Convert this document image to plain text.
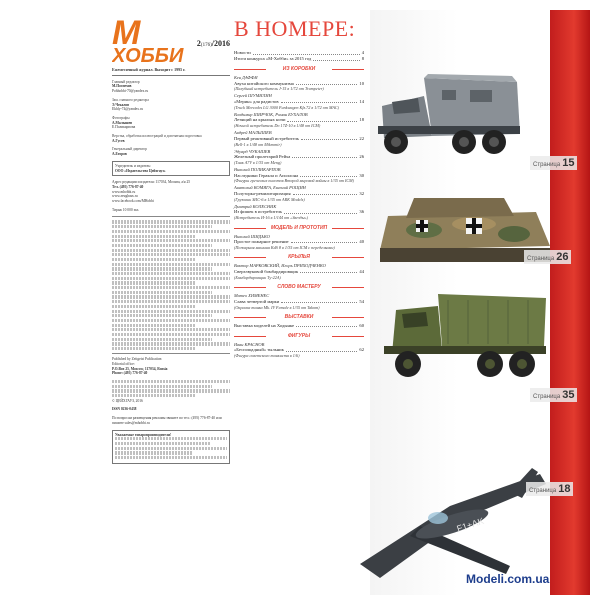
М
ХОББИ
2(176)/2016
Ежемесячный журнал. Выходит с 1995 г.
Главный редактор
М.Поспехов
Pohhobbi-70@yandex.ru
Зам. главного редактора
Э.Чекалов
Ekhly-74@yandex.ru
Фотографы
А.Малышев
Е.Поликарпова
Верстка, обработка иллюстраций и допечатная подготовка
А.Гусев
Генеральный директор
А.Егоров
Учредитель и издатель:
ООО «Издательство Цейхгауз»
Адрес редакции и издателя: 117034, Москва, а/я 25
Тел. (495) 776-87-40
www.mhobbi.ru
www.zeughaus.ru
www.facebook.com/MHobbi
Тираж 10 000 экз.
Published by Zeitgeist Publication
Editorial office:
P.O.Box 25, Moscow, 117034, Russia
Phone: (495) 776-87-40
© ЦЕЙХГАУЗ, 2016
ISSN 0236-0438
По вопросам размещения рекламы звоните по тел.: (495) 776-87-40 или пишите sales@mhobbi.ru
Уважаемые товаропроизводители!
В НОМЕРЕ:
Новости	4
Итоги конкурса «М-Хобби» за 2015 год	8
ИЗ КОРОБКИ
Кен ДАФФИ
Авуха китайского коммунизма	10
(Палубный истребитель J-15 в 1/72 от Trumpeter)
Сергей ШУМИЛИН
«Мерин» для радистов	14
(Truck Mercedes LG 3000 Funkwagen Kfz.72 в 1/72 от МАС)
Владимир ШИРЧОК, Роман БУХАЛОВ
Летящий на крыльях ночи	18
(Ночной истребитель Do 17Z-10 в 1/48 от ICM)
Андрей МАЛЫШЕВ
Первый реактивный истребитель	22
(Bell-1 в 1/48 от Mikromir)
Эдуард ЧУКАШЕВ
Железный пролетарий Рейха	26
(Танк A7V в 1/35 от Meng)
Николай ПОЛИКАРПОВ
Наследники Геракла и Аполлона	30
(Фигуры греческих пилотов Второй мировой войны в 1/35 от ICM)
Анатолий КОМЯГА, Евгений РОЩИН
Полуторка-ремилитаризация	32
(Грузовик ЗИС-6 в 1/35 от ARK Models)
Дмитрий КОЛЕСНИК
Из фишек в истребитель	36
(Истребитель И-16 в 1/144 от «Звезды»)
МОДЕЛЬ И ПРОТОТИП
Николай ШИДЬКО
Простое пожарное решение	40
(Пожарная машина KdS 8 в 1/35 от ICM с переделками)
КРЫЛЬЯ
Виктор МАРКОВСКИЙ, Игорь ПРИХОДЧЕНКО
Сверхзвуковой бомбардировщик	44
(Бомбардировщик Ту-22А)
СЛОВО МАСТЕРУ
Матео ХИМЕНЕС
Слава четвертой марки	54
(Окраска танка Mk. IV Female в 1/35 от Takom)
ВЫСТАВКИ
Выставка моделей на Ходынке	60
ФИГУРЫ
Иван КРАСНОВ
«Беспощадный» тыльник	62
(Фигура советского танкиста в 1/6)
Страница 15
Страница 26
Страница 35
F1+AK
Страница 18
Modeli.com.ua
